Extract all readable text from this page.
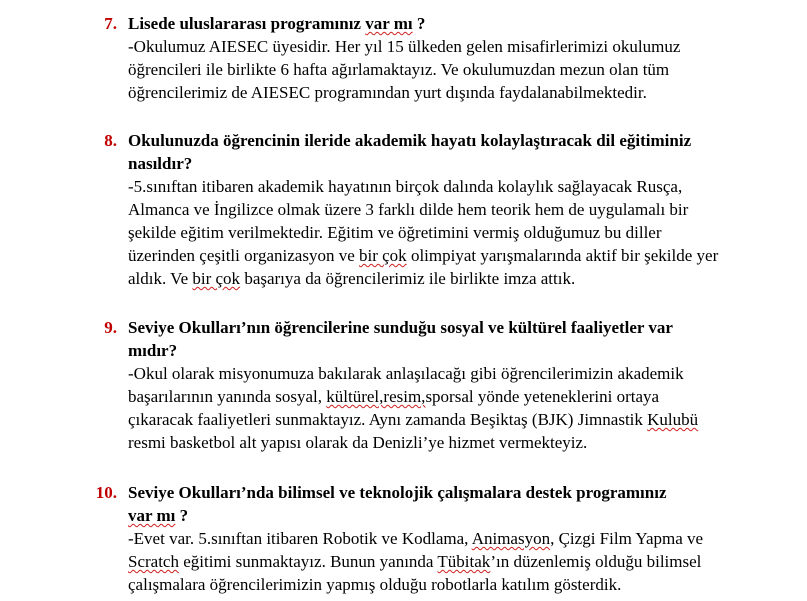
7. Lisede uluslararası programınız var mı ?
-Okulumuz AIESEC üyesidir. Her yıl 15 ülkeden gelen misafirlerimizi okulumuz
öğrencileri ile birlikte 6 hafta ağırlamaktayız. Ve okulumuzdan mezun olan tüm
öğrencilerimiz de AIESEC programından yurt dışında faydalanabilmektedir.
8. Okulunuzda öğrencinin ileride akademik hayatı kolaylaştıracak dil eğitiminiz
nasıldır?
-5.sınıftan itibaren akademik hayatının birçok dalında kolaylık sağlayacak Rusça,
Almanca ve İngilizce olmak üzere 3 farklı dilde hem teorik hem de uygulamalı bir
şekilde eğitim verilmektedir. Eğitim ve öğretimini vermiş olduğumuz bu diller
üzerinden çeşitli organizasyon ve bir çok olimpiyat yarışmalarında aktif bir şekilde yer
aldık. Ve bir çok başarıya da öğrencilerimiz ile birlikte imza attık.
9. Seviye Okulları’nın öğrencilerine sunduğu sosyal ve kültürel faaliyetler var
mıdır?
-Okul olarak misyonumuza bakılarak anlaşılacağı gibi öğrencilerimizin akademik
başarılarının yanında sosyal, kültürel,resim,sporsal yönde yeteneklerini ortaya
çıkaracak faaliyetleri sunmaktayız. Aynı zamanda Beşiktaş (BJK) Jimnastik Kulubü
resmi basketbol alt yapısı olarak da Denizli’ye hizmet vermekteyiz.
10. Seviye Okulları’nda bilimsel ve teknolojik çalışmalara destek programınız
var mı ?
-Evet var. 5.sınıftan itibaren Robotik ve Kodlama, Animasyon, Çizgi Film Yapma ve
Scratch eğitimi sunmaktayız. Bunun yanında Tübitak’ın düzenlemiş olduğu bilimsel
çalışmalara öğrencilerimizin yapmış olduğu robotlarla katılım gösterdik.
